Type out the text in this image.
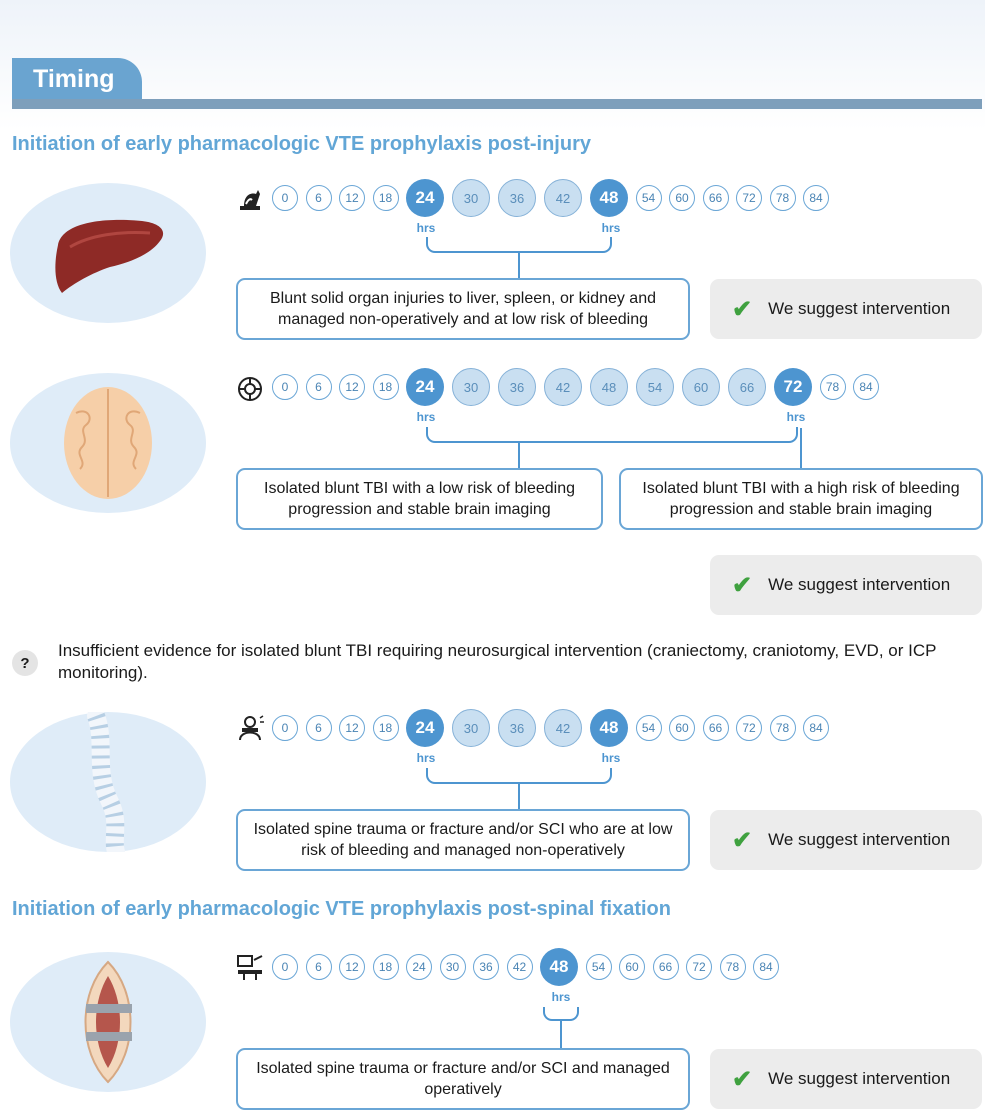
Timing
Initiation of early pharmacologic VTE prophylaxis post-injury
0	6	12	18	24	30	36	42	48	54	60	66	72	78	84
hrs	hrs
Blunt solid organ injuries to liver, spleen, or kidney and managed non-operatively and at low risk of bleeding	✔ We suggest intervention
0	6	12	18	24	30	36	42	48	54	60	66	72	78	84
hrs	hrs
Isolated blunt TBI with a low risk of bleeding progression and stable brain imaging
Isolated blunt TBI with a high risk of bleeding progression and stable brain imaging
✔ We suggest intervention
?
Insufficient evidence for isolated blunt TBI requiring neurosurgical intervention (craniectomy, craniotomy, EVD, or ICP monitoring).
0	6	12	18	24	30	36	42	48	54	60	66	72	78	84
hrs	hrs
Isolated spine trauma or fracture and/or SCI who are at low risk of bleeding and managed non-operatively	✔ We suggest intervention
Initiation of early pharmacologic VTE prophylaxis post-spinal fixation
0	6	12	18	24	30	36	42	48	54	60	66	72	78	84
hrs
Isolated spine trauma or fracture and/or SCI and managed operatively	✔ We suggest intervention
